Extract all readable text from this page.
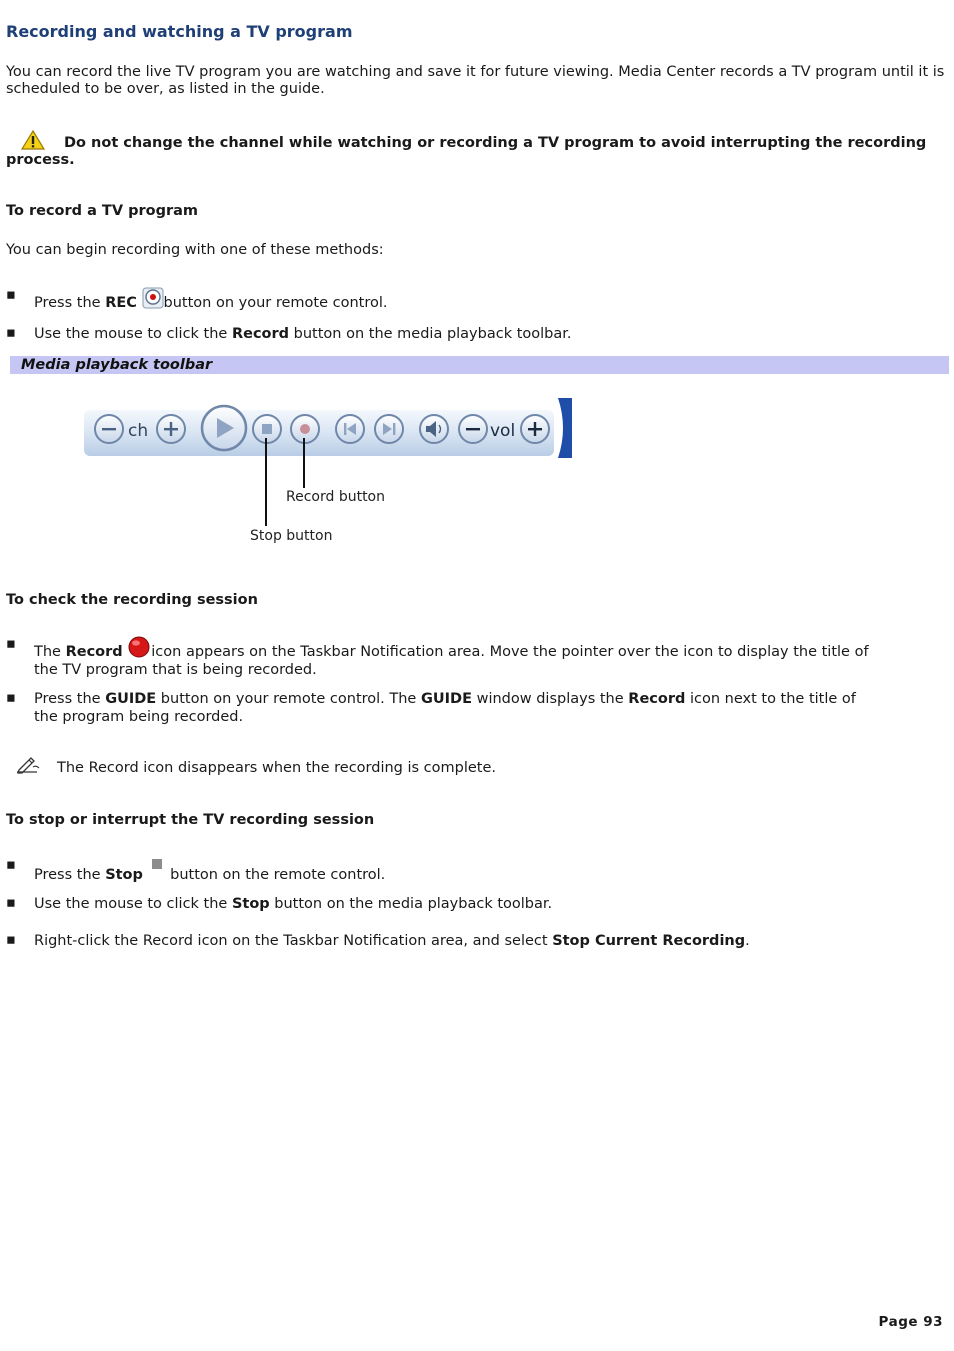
Recording and watching a TV program
You can record the live TV program you are watching and save it for future viewing. Media Center records a TV program until it is scheduled to be over, as listed in the guide.
Do not change the channel while watching or recording a TV program to avoid interrupting the recording process.
To record a TV program
You can begin recording with one of these methods:
▪	Press the REC button on your remote control.
▪	Use the mouse to click the Record button on the media playback toolbar.
Media playback toolbar
ch	vol
Record button
Stop button
To check the recording session
▪	The Record icon appears on the Taskbar Notification area. Move the pointer over the icon to display the title of
the TV program that is being recorded.
▪	Press the GUIDE button on your remote control. The GUIDE window displays the Record icon next to the title of
the program being recorded.
The Record icon disappears when the recording is complete.
To stop or interrupt the TV recording session
▪
Press the Stop  button on the remote control.
▪	Use the mouse to click the Stop button on the media playback toolbar.
▪	Right-click the Record icon on the Taskbar Notification area, and select Stop Current Recording.
Page 93
